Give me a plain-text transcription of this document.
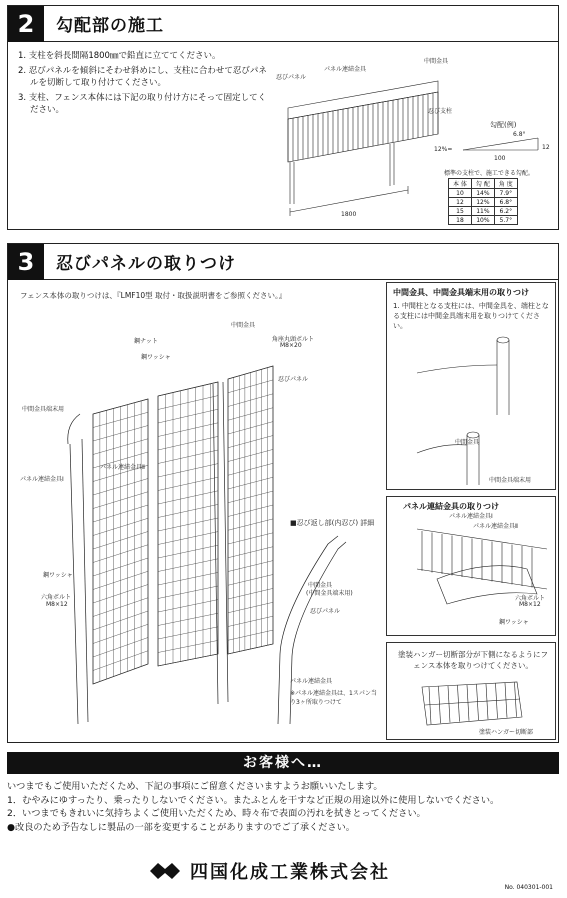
2	勾配部の施工
1. 支柱を斜長間隔1800㎜で鉛直に立ててください。
2. 忍びパネルを傾斜にそわせ斜めにし、支柱に合わせて忍びパネルを切断して取り付けてください。
3. 支柱、フェンス本体には下記の取り付け方にそって固定してください。
忍びパネル
パネル連結金具
中間金具
忍び支柱
1800
勾配(例)
12%=
6.8°
12
100
標準の支柱で、施工できる勾配。
本 体	勾 配	角 度
10	14%	7.9°
12	12%	6.8°
15	11%	6.2°
18	10%	5.7°
3	忍びパネルの取りつけ
フェンス本体の取りつけは、『LMF10型 取付・取扱説明書をご参照ください。』
中間金具
角座丸頭ボルト
M8×20
忍びパネル
鋼ナット
鋼ワッシャ
中間金具端末用
パネル連結金具Ⅱ
パネル連結金具Ⅰ
鋼ワッシャ
六角ボルト
M8×12
■忍び返し部(内忍び) 詳細
中間金具
(中間金具端末用)
忍びパネル
パネル連結金具
※パネル連結金具は、1スパン当り3ヶ所取りつけて
中間金具、中間金具端末用の取りつけ
1. 中間柱となる支柱には、中間金具を、端柱となる支柱には中間金具端末用を取りつけてください。
中間金具
中間金具端末用
パネル連結金具の取りつけ
パネル連結金具Ⅰ
パネル連結金具Ⅱ
六角ボルト
M8×12
鋼ワッシャ
塗装ハンガー切断部分が下側になるようにフェンス本体を取りつけてください。
塗装ハンガー切断部
お客様へ…
いつまでもご使用いただくため、下記の事項にご留意くださいますようお願いいたします。
1．むやみにゆすったり、乗ったりしないでください。またふとんを干すなど正規の用途以外に使用しないでください。
2．いつまでもきれいに気持ちよくご使用いただくため、時々布で表面の汚れを拭きとってください。
●改良のため予告なしに製品の一部を変更することがありますのでご了承ください。
四国化成工業株式会社
No. 040301-001
